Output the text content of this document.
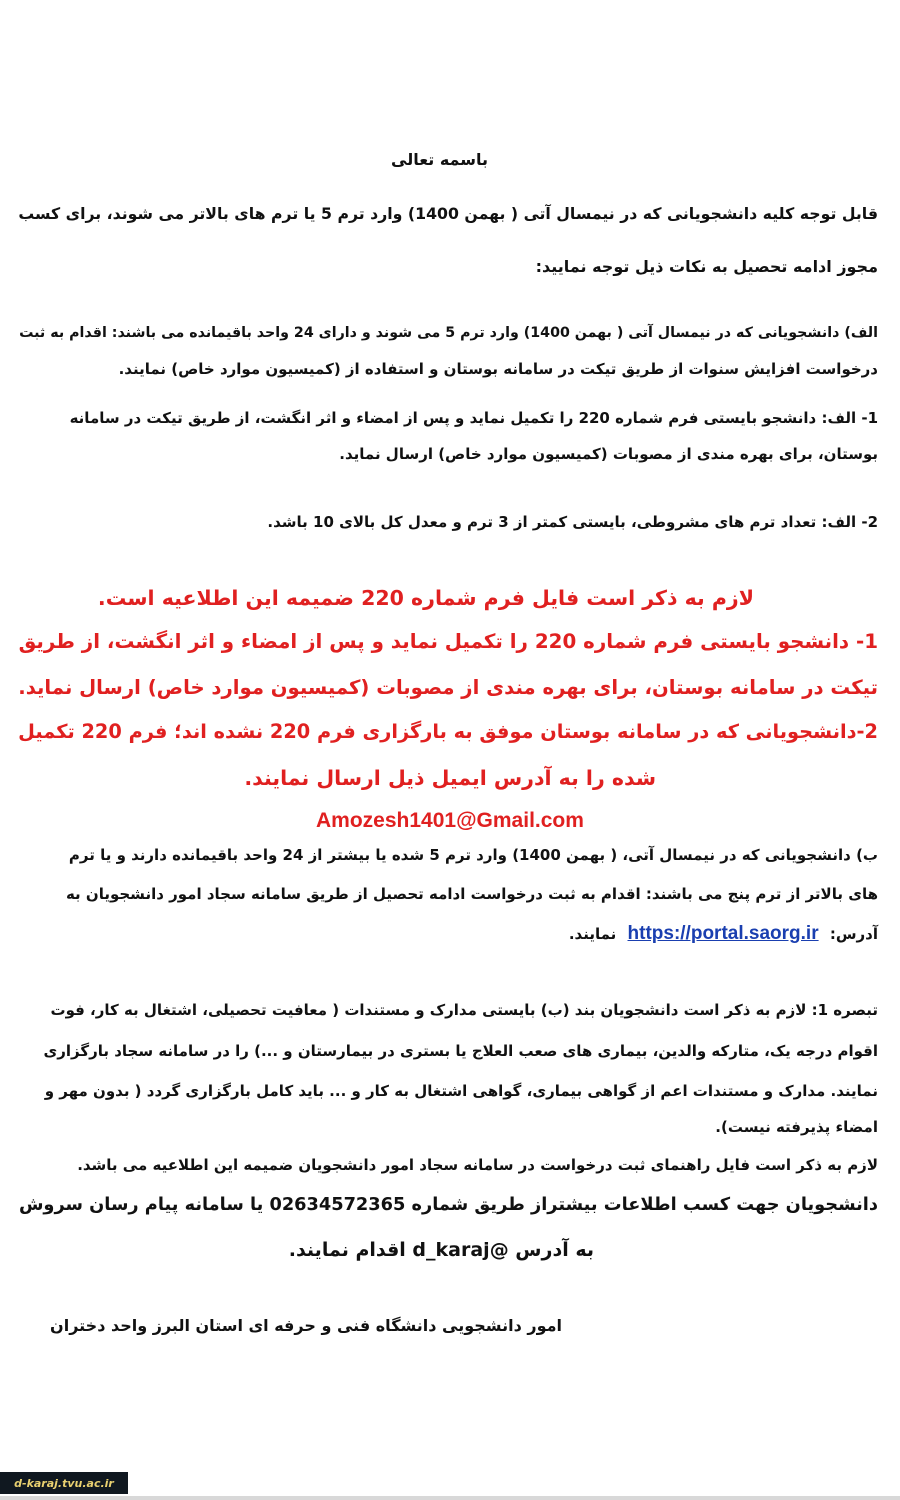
باسمه تعالی
قابل توجه کلیه دانشجویانی که در نیمسال آتی ( بهمن 1400) وارد ترم 5 یا ترم های بالاتر می شوند، برای کسب
مجوز ادامه تحصیل به نکات ذیل توجه نمایید:
الف) دانشجویانی که در نیمسال آتی ( بهمن 1400) وارد ترم 5 می شوند و دارای 24 واحد باقیمانده می باشند: اقدام به ثبت
درخواست افزایش سنوات از طریق تیکت در سامانه بوستان و استفاده از (کمیسیون موارد خاص) نمایند.
1- الف: دانشجو بایستی فرم شماره 220 را تکمیل نماید و پس از امضاء و اثر انگشت، از طریق تیکت در سامانه
بوستان، برای بهره مندی از مصوبات (کمیسیون موارد خاص) ارسال نماید.
2- الف: تعداد ترم های مشروطی، بایستی کمتر از 3 ترم و معدل کل بالای 10 باشد.
لازم به ذکر است فایل فرم شماره 220 ضمیمه این اطلاعیه است.
1- دانشجو بایستی فرم شماره 220 را تکمیل نماید و پس از امضاء و اثر انگشت، از طریق
تیکت در سامانه بوستان، برای بهره مندی از مصوبات (کمیسیون موارد خاص) ارسال نماید.
2-دانشجویانی که در سامانه بوستان موفق به بارگزاری فرم 220 نشده اند؛ فرم 220 تکمیل
شده را به آدرس ایمیل ذیل ارسال نمایند.
Amozesh1401@Gmail.com
ب) دانشجویانی که در نیمسال آتی، ( بهمن 1400) وارد ترم 5 شده یا بیشتر از 24 واحد باقیمانده دارند و یا ترم
های بالاتر از ترم پنج می باشند: اقدام به ثبت درخواست ادامه تحصیل از طریق سامانه سجاد امور دانشجویان به
آدرس: https://portal.saorg.ir نمایند.
تبصره 1: لازم به ذکر است دانشجویان بند (ب) بایستی مدارک و مستندات ( معافیت تحصیلی، اشتغال به کار، فوت
اقوام درجه یک، متارکه والدین، بیماری های صعب العلاج یا بستری در بیمارستان و ...) را در سامانه سجاد بارگزاری
نمایند. مدارک و مستندات اعم از گواهی بیماری، گواهی اشتغال به کار و ... باید کامل بارگزاری گردد ( بدون مهر و
امضاء پذیرفته نیست).
لازم به ذکر است فایل راهنمای ثبت درخواست در سامانه سجاد امور دانشجویان ضمیمه این اطلاعیه می باشد.
دانشجویان جهت کسب اطلاعات بیشتراز طریق شماره 02634572365 یا سامانه پیام رسان سروش
به آدرس @d_karaj اقدام نمایند.
امور دانشجویی دانشگاه فنی و حرفه ای استان البرز واحد دختران
d-karaj.tvu.ac.ir
